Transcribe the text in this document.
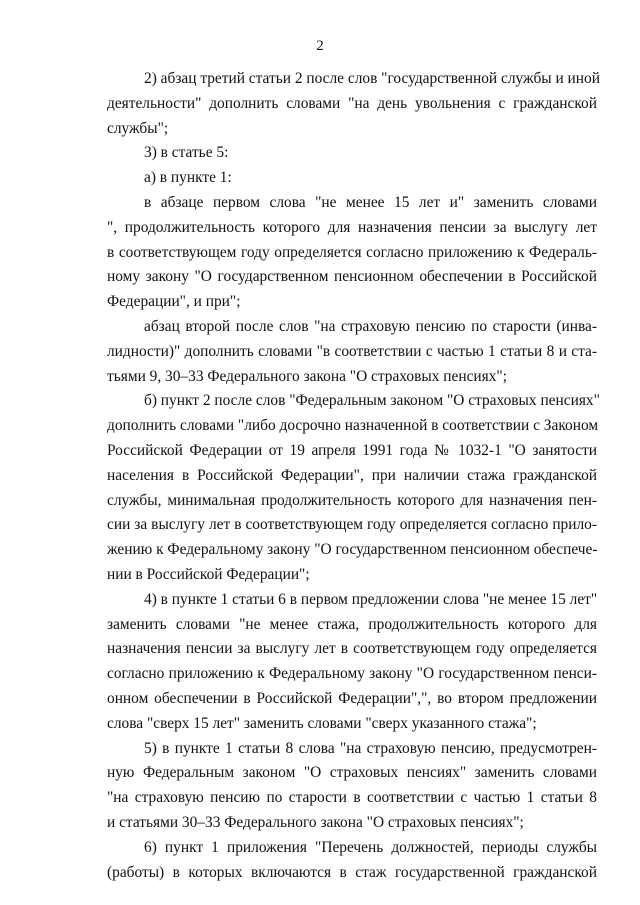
2
2) абзац третий статьи 2 после слов "государственной службы и иной
деятельности" дополнить словами "на день увольнения с гражданской
службы";
3) в статье 5:
а) в пункте 1:
в абзаце первом слова "не менее 15 лет и" заменить словами
", продолжительность которого для назначения пенсии за выслугу лет
в соответствующем году определяется согласно приложению к Федераль-
ному закону "О государственном пенсионном обеспечении в Российской
Федерации", и при";
абзац второй после слов "на страховую пенсию по старости (инва-
лидности)" дополнить словами "в соответствии с частью 1 статьи 8 и ста-
тьями 9, 30–33 Федерального закона "О страховых пенсиях";
б) пункт 2 после слов "Федеральным законом "О страховых пенсиях"
дополнить словами "либо досрочно назначенной в соответствии с Законом
Российской Федерации от 19 апреля 1991 года № 1032-1 "О занятости
населения в Российской Федерации", при наличии стажа гражданской
службы, минимальная продолжительность которого для назначения пен-
сии за выслугу лет в соответствующем году определяется согласно прило-
жению к Федеральному закону "О государственном пенсионном обеспече-
нии в Российской Федерации";
4) в пункте 1 статьи 6 в первом предложении слова "не менее 15 лет"
заменить словами "не менее стажа, продолжительность которого для
назначения пенсии за выслугу лет в соответствующем году определяется
согласно приложению к Федеральному закону "О государственном пенси-
онном обеспечении в Российской Федерации",", во втором предложении
слова "сверх 15 лет" заменить словами "сверх указанного стажа";
5) в пункте 1 статьи 8 слова "на страховую пенсию, предусмотрен-
ную Федеральным законом "О страховых пенсиях" заменить словами
"на страховую пенсию по старости в соответствии с частью 1 статьи 8
и статьями 30–33 Федерального закона "О страховых пенсиях";
6) пункт 1 приложения "Перечень должностей, периоды службы
(работы) в которых включаются в стаж государственной гражданской
